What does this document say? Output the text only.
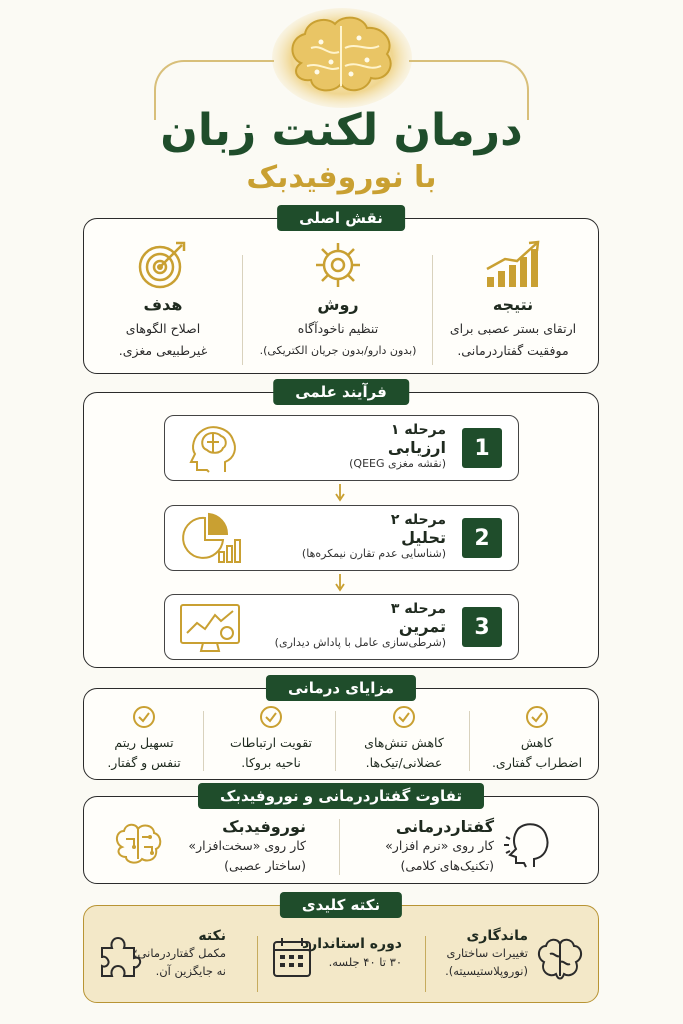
درمان لکنت زبان
با نوروفیدبک
نقش اصلی
نتیجه
ارتقای بستر عصبی برای
موفقیت گفتاردرمانی.
روش
تنظیم ناخودآگاه
(بدون دارو/بدون جریان الکتریکی).
هدف
اصلاح الگوهای
غیرطبیعی مغزی.
فرآیند علمی
1
مرحله ۱
ارزیابی
(نقشه مغزی QEEG)
2
مرحله ۲
تحلیل
(شناسایی عدم تقارن نیمکره‌ها)
3
مرحله ۳
تمرین
(شرطی‌سازی عامل با پاداش دیداری)
مزایای درمانی
کاهش
اضطراب گفتاری.
کاهش تنش‌های
عضلانی/تیک‌ها.
تقویت ارتباطات
ناحیه بروکا.
تسهیل ریتم
تنفس و گفتار.
تفاوت گفتاردرمانی و نوروفیدبک
گفتاردرمانی
کار روی «نرم افزار»
(تکنیک‌های کلامی)
نوروفیدبک
کار روی «سخت‌افزار»
(ساختار عصبی)
نکته کلیدی
ماندگاری
تغییرات ساختاری
(نوروپلاستیسیته).
دوره استاندارد
۳۰ تا ۴۰ جلسه.
نکته
مکمل گفتاردرمانی؛
نه جایگزین آن.
